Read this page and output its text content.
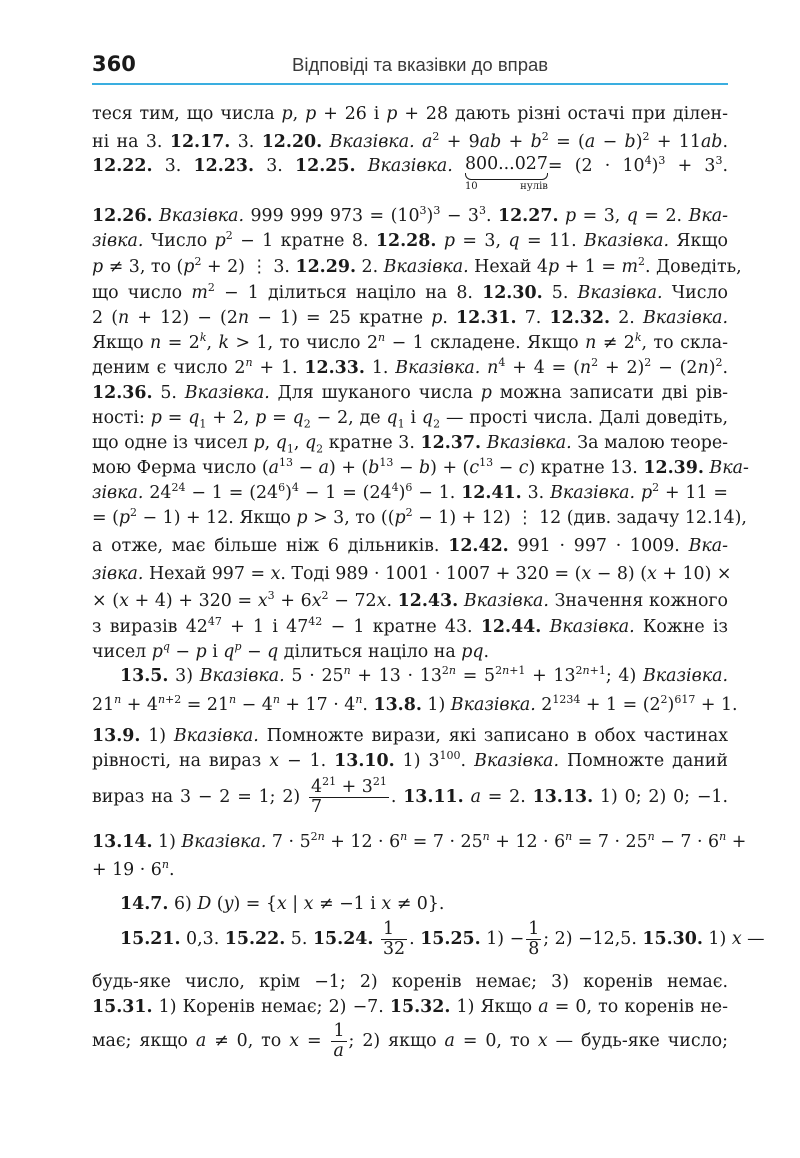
360	Відповіді та вказівки до вправ
теся тим, що числа p, p + 26 і p + 28 дають різні остачі при ділен-
ні на 3. 12.17. 3. 12.20. Вказівка. $a^2 + 9ab + b^2 = (a - b)^2 + 11ab$.
12.22. 3. 12.23. 3. 12.25. Вказівка. 800...027
10 нулів
= $(2 \cdot 10^4)^3 + 3^3$.
12.26. Вказівка. 999 999 $973 = (10^3)^3 - 3^3$. 12.27. p = 3, q = 2. Вка-
зівка. Число $p^2 - 1$ кратне 8. 12.28. p = 3, q = 11. Вказівка. Якщо
p ≠ 3, то $(p^2 + 2)$ ⋮ 3. 12.29. 2. Вказівка. Нехай $4p + 1 = m^2$. Доведіть,
що число $m^2 - 1$ ділиться націло на 8. 12.30. 5. Вказівка. Число
2 (n + 12) − (2n − 1) = 25 кратне p. 12.31. 7. 12.32. 2. Вказівка.
Якщо $n = 2^k$, k > 1, то число $2^n - 1$ складене. Якщо $n \ne 2^k$, то скла-
деним є число $2^n + 1$. 12.33. 1. Вказівка. $n^4 + 4 = (n^2 + 2)^2 - (2n)^2$.
12.36. 5. Вказівка. Для шуканого числа p можна записати дві рів-
ності: $p = q_1 + 2$, $p = q_2 - 2$, де $q_1$ і $q_2$ — прості числа. Далі доведіть,
що одне із чисел p, $q_1$, $q_2$ кратне 3. 12.37. Вказівка. За малою теоре-
мою Ферма число $(a^{13} - a) + (b^{13} - b) + (c^{13} - c)$ кратне 13. 12.39. Вка-
зівка. $24^{24} - 1 = (24^6)^4 - 1 = (24^4)^6 - 1$. 12.41. 3. Вказівка. $p^2 + 11$ =
= $(p^2 - 1) + 12$. Якщо p > 3, то $((p^2 - 1) + 12)$ ⋮ 12 (див. задачу 12.14),
а отже, має більше ніж 6 дільників. 12.42. 991 · 997 · 1009. Вка-
зівка. Нехай 997 = x. Тоді 989 · 1001 · 1007 + 320 = (x − 8) (x + 10) ×
× $(x + 4) + 320 = x^3 + 6x^2 - 72x$. 12.43. Вказівка. Значення кожного
з виразів $42^{47} + 1$ і $47^{42} - 1$ кратне 43. 12.44. Вказівка. Кожне із
чисел $p^q - p$ і $q^p - q$ ділиться націло на pq.
13.5. 3) Вказівка. $5 \cdot 25^n + 13 \cdot 13^{2n} = 5^{2n+1} + 13^{2n+1}$; 4) Вказівка.
$21^n + 4^{n+2} = 21^n - 4^n + 17 \cdot 4^n$. 13.8. 1) Вказівка. $2^{1234} + 1 = (2^2)^{617} + 1$.
13.9. 1) Вказівка. Помножте вирази, які записано в обох частинах
рівності, на вираз x − 1. 13.10. 1) $3^{100}$. Вказівка. Помножте даний
вираз на 3 − 2 = 1; $2) \frac{4^{21} + 3^{21}}{7}$ . 13.11. a = 2. 13.13. 1) 0; 2) 0; −1.
13.14. 1) Вказівка. $7 \cdot 5^{2n} + 12 \cdot 6^n = 7 \cdot 25^n + 12 \cdot 6^n = 7 \cdot 25^n - 7 \cdot 6^n$ +
+ $19 \cdot 6^n$.
14.7. 6) D (y) = {x | x ≠ −1 і x ≠ 0}.
15.21. 0,3. 15.22. 5. 15.24. $\frac{1}{32}$ . 15.25. $1) - \frac{1}{8}$ ; 2) −12,5. 15.30. 1) x —
будь-яке число, крім −1; 2) коренів немає; 3) коренів немає.
15.31. 1) Коренів немає; 2) −7. 15.32. 1) Якщо a = 0, то коренів не-
має; якщо a ≠ 0, то $x = \frac{1}{a}$ ; 2) якщо a = 0, то x — будь-яке число;
